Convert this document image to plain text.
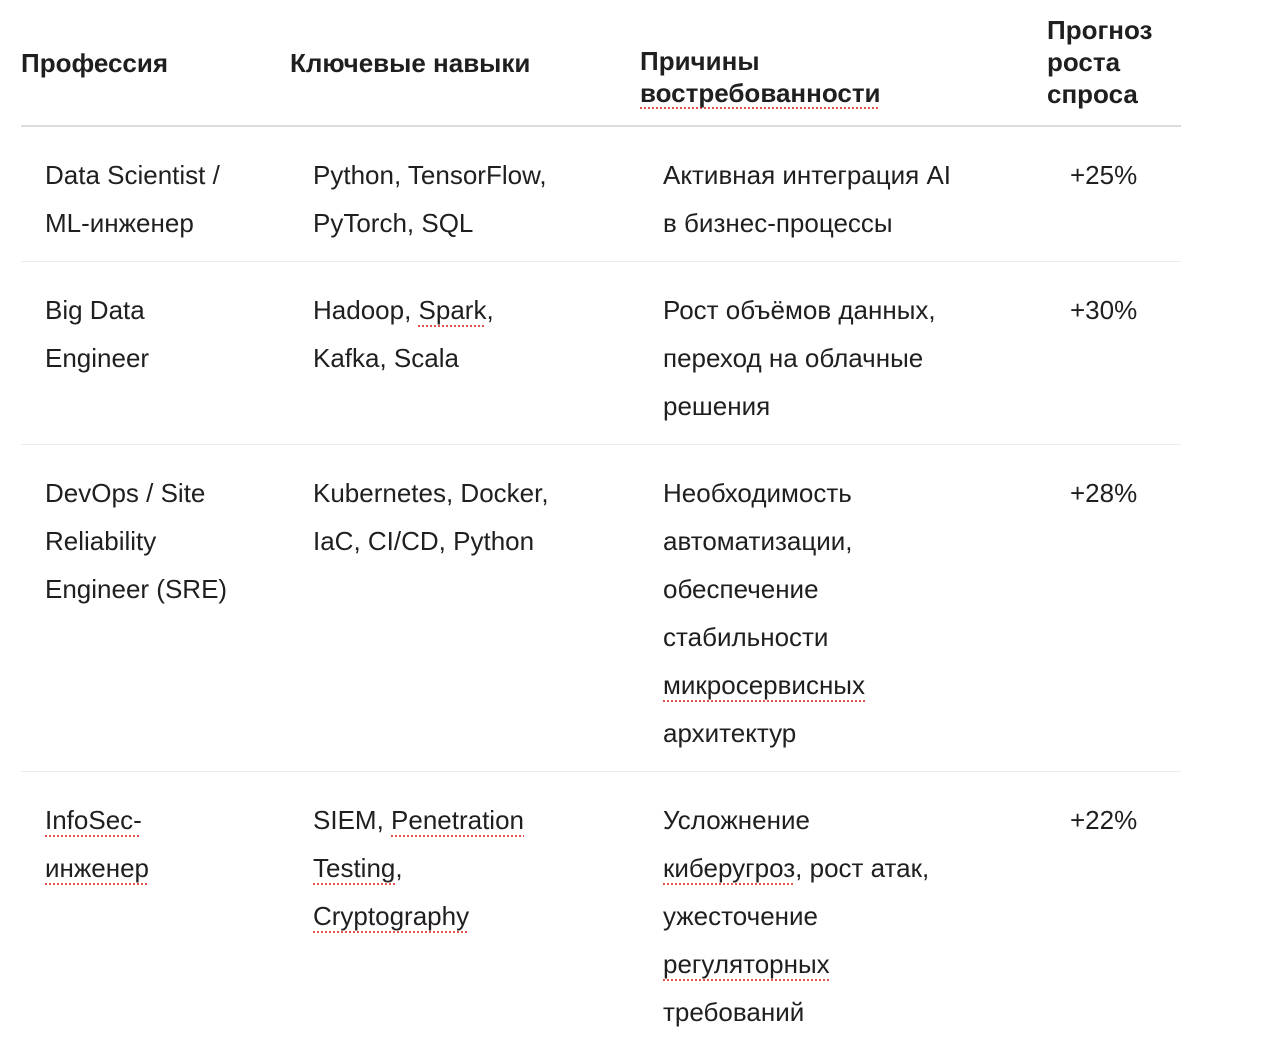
Профессия	Ключевые навыки	Причины
востребованности
Прогноз
роста
спроса
Data Scientist /
ML-инженер
Python, TensorFlow,
PyTorch, SQL
Активная интеграция AI
в бизнес-процессы
+25%
Big Data
Engineer
Hadoop, Spark,
Kafka, Scala
Рост объёмов данных,
переход на облачные
решения
+30%
DevOps / Site
Reliability
Engineer (SRE)
Kubernetes, Docker,
IaC, CI/CD, Python
Необходимость
автоматизации,
обеспечение
стабильности
микросервисных
архитектур
+28%
InfoSec-
инженер
SIEM, Penetration
Testing,
Cryptography
Усложнение
киберугроз, рост атак,
ужесточение
регуляторных
требований
+22%
